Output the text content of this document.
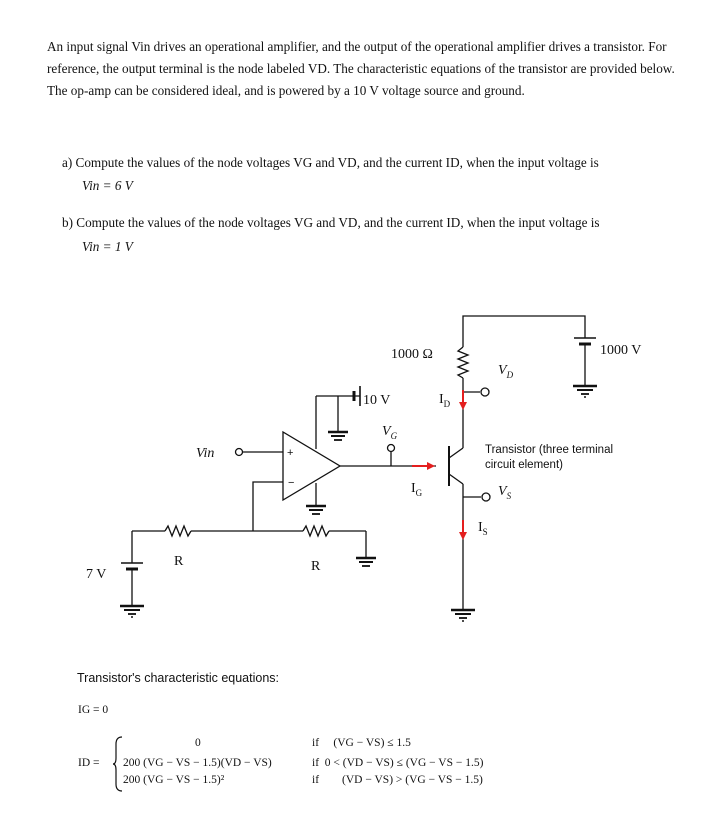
An input signal Vin drives an operational amplifier, and the output of the operational amplifier drives a transistor. For reference, the output terminal is the node labeled VD. The characteristic equations of the transistor are provided below. The op-amp can be considered ideal, and is powered by a 10 V voltage source and ground.
a) Compute the values of the node voltages VG and VD, and the current ID, when the input voltage is
Vin = 6 V
b) Compute the values of the node voltages VG and VD, and the current ID, when the input voltage is
Vin = 1 V
+
−
1000 Ω	1000 V
10 V
Vin
7 V
R	R
$V_D$
$I_D$
$V_G$
$I_G$	$V_S$
$I_S$
Transistor (three terminal circuit element)
Transistor's characteristic equations:
IG = 0
ID =
0
200 (VG − VS − 1.5)(VD − VS)
200 (VG − VS − 1.5)²
if     (VG − VS) ≤ 1.5
if  0 < (VD − VS) ≤ (VG − VS − 1.5)
if        (VD − VS) > (VG − VS − 1.5)
